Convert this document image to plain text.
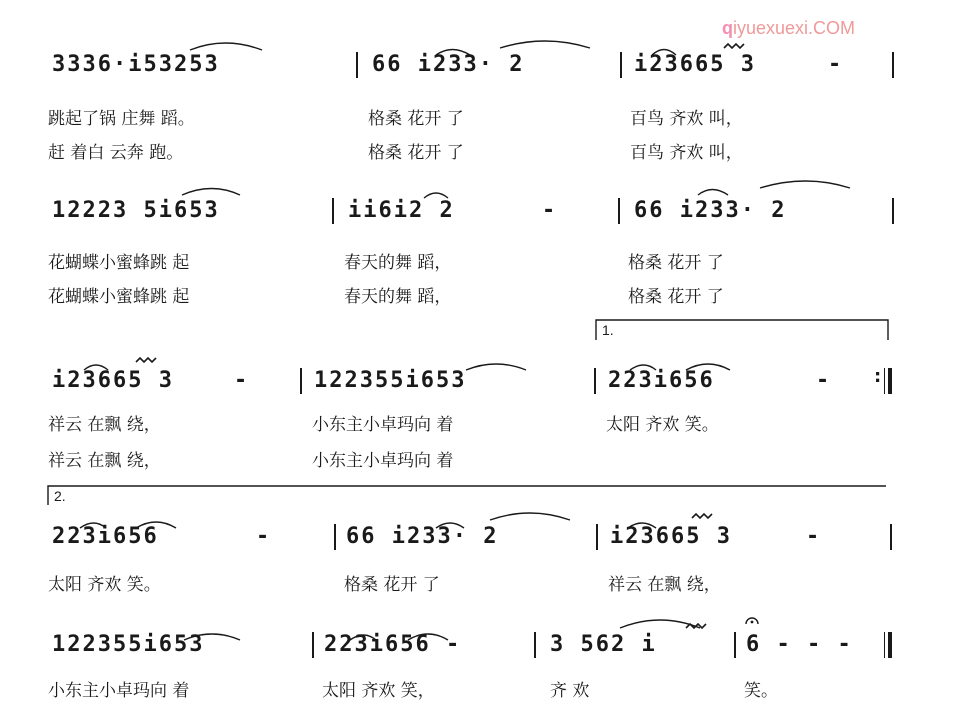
qiyuexuexi.COM
3336·i53253	66 i233· 2	i23665 3	-
跳起了锅 庄舞 蹈。	格桑 花开 了	百鸟 齐欢 叫，
赶 着白 云奔 跑。	格桑 花开 了	百鸟 齐欢 叫，
12223 5i653	ii6i2 2	-	66 i233· 2
花蝴蝶小蜜蜂跳 起	春天的舞 蹈，	格桑 花开 了
花蝴蝶小蜜蜂跳 起	春天的舞 蹈，	格桑 花开 了
1.
i23665 3	-	122355i653	223i656	-	:
祥云 在飘 绕，	小东主小卓玛向 着	太阳 齐欢 笑。
祥云 在飘 绕，	小东主小卓玛向 着
2.
223i656	-	66 i233· 2	i23665 3	-
太阳 齐欢 笑。	格桑 花开 了	祥云 在飘 绕，
122355i653	223i656 -	3 562 i	6 - - -
小东主小卓玛向 着	太阳 齐欢 笑，	齐 欢	笑。
